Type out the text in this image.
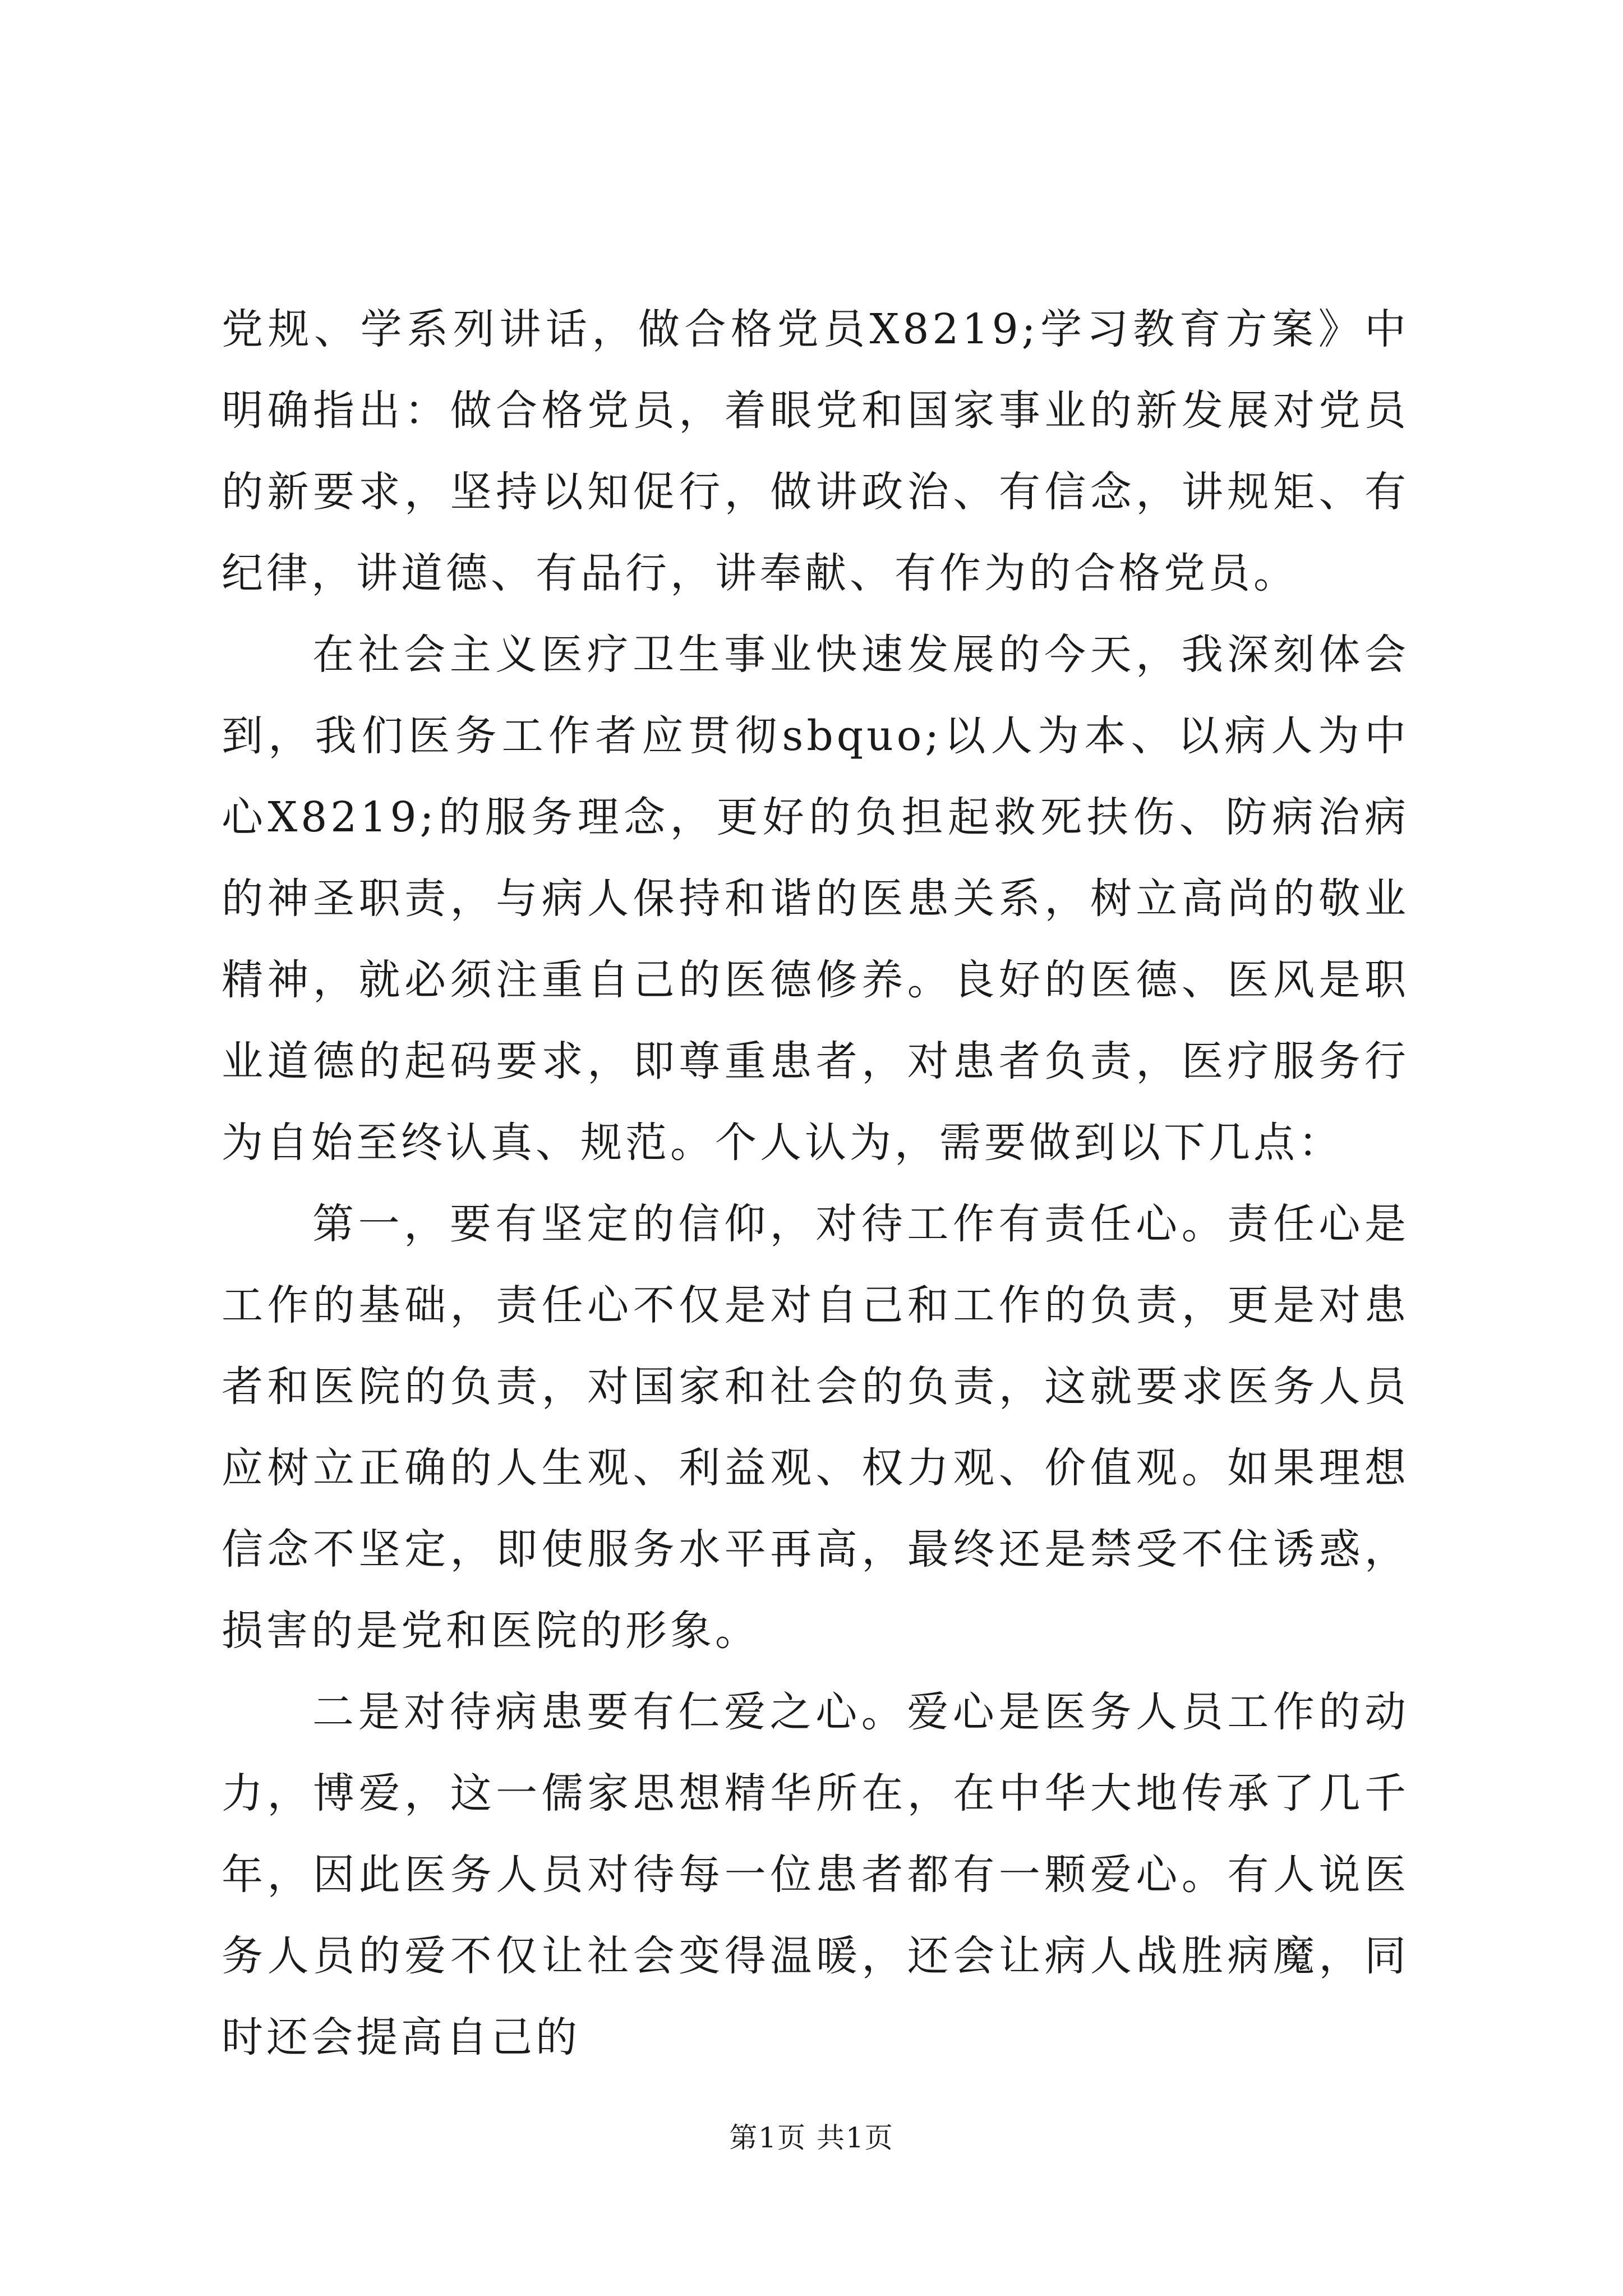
党规、学系列讲话，做合格党员X8219;学习教育方案》中明确指出：做合格党员，着眼党和国家事业的新发展对党员的新要求，坚持以知促行，做讲政治、有信念，讲规矩、有纪律，讲道德、有品行，讲奉献、有作为的合格党员。

在社会主义医疗卫生事业快速发展的今天，我深刻体会到，我们医务工作者应贯彻sbquo;以人为本、以病人为中心X8219;的服务理念，更好的负担起救死扶伤、防病治病的神圣职责，与病人保持和谐的医患关系，树立高尚的敬业精神，就必须注重自己的医德修养。良好的医德、医风是职业道德的起码要求，即尊重患者，对患者负责，医疗服务行为自始至终认真、规范。个人认为，需要做到以下几点：

第一，要有坚定的信仰，对待工作有责任心。责任心是工作的基础，责任心不仅是对自己和工作的负责，更是对患者和医院的负责，对国家和社会的负责，这就要求医务人员应树立正确的人生观、利益观、权力观、价值观。如果理想信念不坚定，即使服务水平再高，最终还是禁受不住诱惑，损害的是党和医院的形象。

二是对待病患要有仁爱之心。爱心是医务人员工作的动力，博爱，这一儒家思想精华所在，在中华大地传承了几千年，因此医务人员对待每一位患者都有一颗爱心。有人说医务人员的爱不仅让社会变得温暖，还会让病人战胜病魔，同时还会提高自己的

第1页 共1页
